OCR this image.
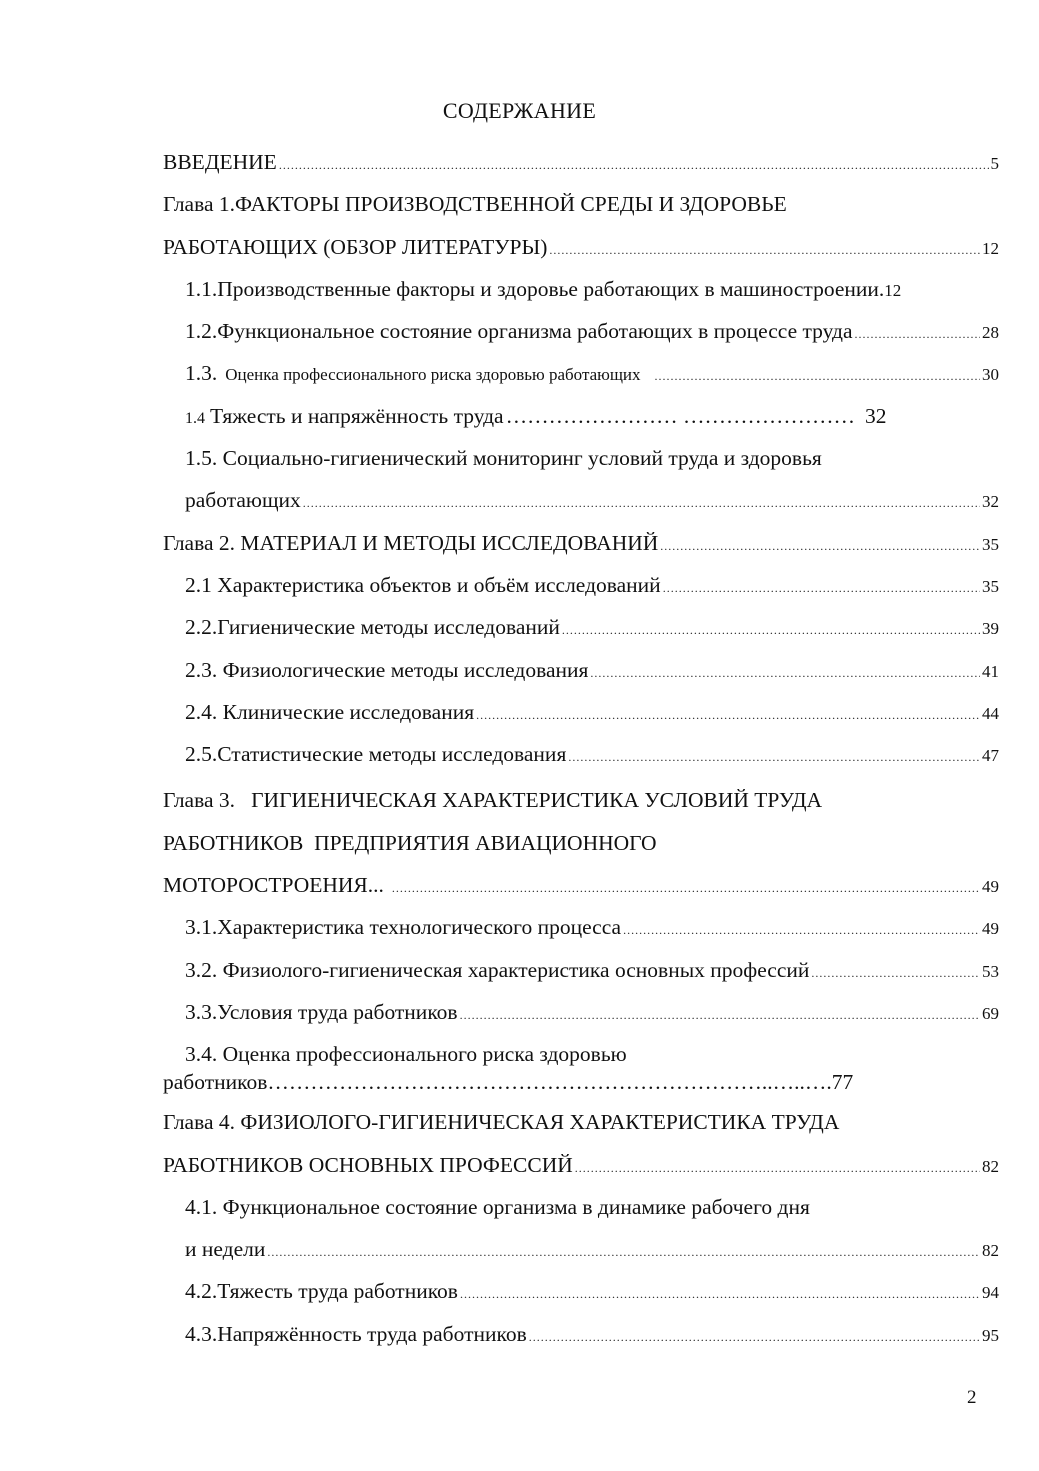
СОДЕРЖАНИЕ
ВВЕДЕНИЕ .....	5
Глава 1.ФАКТОРЫ ПРОИЗВОДСТВЕННОЙ СРЕДЫ И ЗДОРОВЬЕ
РАБОТАЮЩИХ (ОБЗОР ЛИТЕРАТУРЫ) .....	12
1.1.Производственные факторы и здоровье работающих в машиностроении. 12
1.2.Функциональное состояние организма работающих в процессе труда .....	28
1.3. Оценка профессионального риска здоровью работающих .....	30
1.4 Тяжесть и напряжённость труда …………………… …………………… 32
1.5. Социально-гигиенический мониторинг условий труда и здоровья
работающих .....	32
Глава 2. МАТЕРИАЛ И МЕТОДЫ ИССЛЕДОВАНИЙ .....	35
2.1 Характеристика объектов и объём исследований .....	35
2.2.Гигиенические методы исследований .....	39
2.3. Физиологические методы исследования .....	41
2.4. Клинические исследования .....	44
2.5.Статистические методы исследования .....	47
Глава 3.   ГИГИЕНИЧЕСКАЯ ХАРАКТЕРИСТИКА УСЛОВИЙ ТРУДА
РАБОТНИКОВ  ПРЕДПРИЯТИЯ АВИАЦИОННОГО
МОТОРОСТРОЕНИЯ... .....	49
3.1.Характеристика технологического процесса .....	49
3.2. Физиолого-гигиеническая характеристика основных профессий .....	53
3.3.Условия труда работников .....	69
3.4. Оценка профессионального риска здоровью
работников ……………………………………………………………..…..…. 77
Глава 4. ФИЗИОЛОГО-ГИГИЕНИЧЕСКАЯ ХАРАКТЕРИСТИКА ТРУДА
РАБОТНИКОВ ОСНОВНЫХ ПРОФЕССИЙ .....	82
4.1. Функциональное состояние организма в динамике рабочего дня
и недели .....	82
4.2.Тяжесть труда работников .....	94
4.3.Напряжённость труда работников .....	95
2
